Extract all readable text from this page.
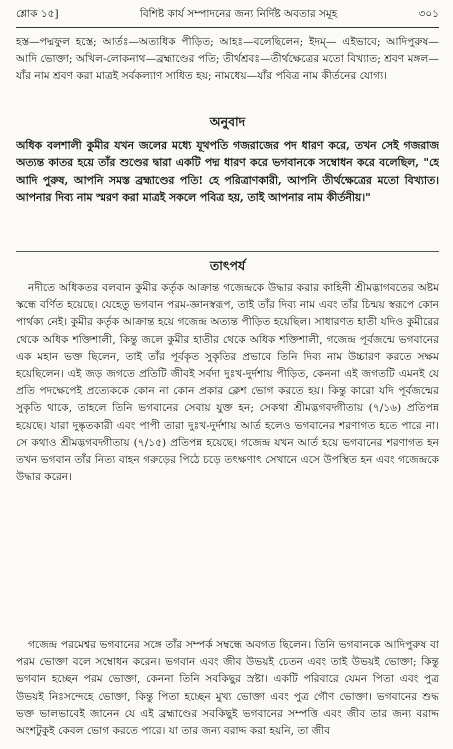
শ্লোক ১৫]	বিশিষ্ট কার্য সম্পাদনের জন্য নির্দিষ্ট অবতার সমূহ	৩০১
হস্ত—পদ্মফুল হস্তে; আর্তঃ—অত্যধিক পীড়িত; আহঃ—বলেছিলেন; ইদম্— এইভাবে; আদিপুরুষ—আদি ভোক্তা; অখিল-লোকনাথ—ব্রহ্মাণ্ডের পতি; তীর্থশ্রবঃ—তীর্থক্ষেত্রের মতো বিখ্যাত; শ্রবণ মঙ্গল—যাঁর নাম শ্রবণ করা মাত্রই সর্বকল্যাণ সাধিত হয়; নামধেয়—যাঁর পবিত্র নাম কীর্তনের যোগ্য।
অনুবাদ
অধিক বলশালী কুমীর যখন জলের মধ্যে যূথপতি গজরাজের পদ ধারণ করে, তখন সেই গজরাজ অত্যন্ত কাতর হয়ে তাঁর শুণ্ডের দ্বারা একটি পদ্ম ধারণ করে ভগবানকে সম্বোধন করে বলেছিল, "হে আদি পুরুষ, আপনি সমস্ত ব্রহ্মাণ্ডের পতি! হে পরিত্রাণকারী, আপনি তীর্থক্ষেত্রের মতো বিখ্যাত। আপনার দিব্য নাম স্মরণ করা মাত্রই সকলে পবিত্র হয়, তাই আপনার নাম কীর্তনীয়।"
তাৎপর্য

নদীতে অধিকতর বলবান কুমীর কর্তৃক আক্রান্ত গজেন্দ্রকে উদ্ধার করার কাহিনী শ্রীমদ্ভাগবতের অষ্টম স্কন্ধে বর্ণিত হয়েছে। যেহেতু ভগবান পরম-জ্ঞানস্বরূপ, তাই তাঁর দিব্য নাম এবং তাঁর চিন্ময় স্বরূপে কোন পার্থক্য নেই। কুমীর কর্তৃক আক্রান্ত হয়ে গজেন্দ্র অত্যন্ত পীড়িত হয়েছিল। সাধারণত হাতী যদিও কুমীরের থেকে অধিক শক্তিশালী, কিন্তু জলে কুমীর হাতীর থেকে অধিক শক্তিশালী, গজেন্দ্র পূর্বজন্মে ভগবানের এক মহান ভক্ত ছিলেন, তাই তাঁর পূর্বকৃত সুকৃতির প্রভাবে তিনি দিব্য নাম উচ্চারণ করতে সক্ষম হয়েছিলেন। এই জড় জগতে প্রতিটি জীবই সর্বদা দুঃখ-দুর্দশায় পীড়িত, কেননা এই জগতটি এমনই যে প্রতি পদক্ষেপেই প্রত্যেককে কোন না কোন প্রকার ক্লেশ ভোগ করতে হয়। কিন্তু কারো যদি পূর্বজন্মের সুকৃতি থাকে, তাহলে তিনি ভগবানের সেবায় যুক্ত হন; সেকথা শ্রীমদ্ভগবদ্গীতায় (৭/১৬) প্রতিপন্ন হয়েছে। যারা দুষ্কৃতকারী এবং পাপী তারা দুঃখ-দুর্দশায় আর্ত হলেও ভগবানের শরণাগত হতে পারে না। সে কথাও শ্রীমদ্ভগবদ্গীতায় (৭/১৫) প্রতিপন্ন হয়েছে। গজেন্দ্র যখন আর্ত হয়ে ভগবানের শরণাগত হন তখন ভগবান তাঁর নিত্য বাহন গরুড়ের পিঠে চড়ে তৎক্ষণাৎ সেখানে এসে উপস্থিত হন এবং গজেন্দ্রকে উদ্ধার করেন।

গজেন্দ্র পরমেশ্বর ভগবানের সঙ্গে তাঁর সম্পর্ক সম্বন্ধে অবগত ছিলেন। তিনি ভগবানকে আদিপুরুষ বা পরম ভোক্তা বলে সম্বোধন করেন। ভগবান এবং জীব উভয়ই চেতন এবং তাই উভয়ই ভোক্তা; কিন্তু ভগবান হচ্ছেন পরম ভোক্তা, কেননা তিনি সবকিছুর স্রষ্টা। একটি পরিবারে যেমন পিতা এবং পুত্র উভয়ই নিঃসন্দেহে ভোক্তা, কিন্তু পিতা হচ্ছেন মুখ্য ভোক্তা এবং পুত্র গৌণ ভোক্তা। ভগবানের শুদ্ধ ভক্ত ভালভাবেই জানেন যে এই ব্রহ্মাণ্ডের সবকিছুই ভগবানের সম্পত্তি এবং জীব তার জন্য বরাদ্দ অংশটুকুই কেবল ভোগ করতে পারে। যা তার জন্য বরাদ্দ করা হয়নি, তা জীব
